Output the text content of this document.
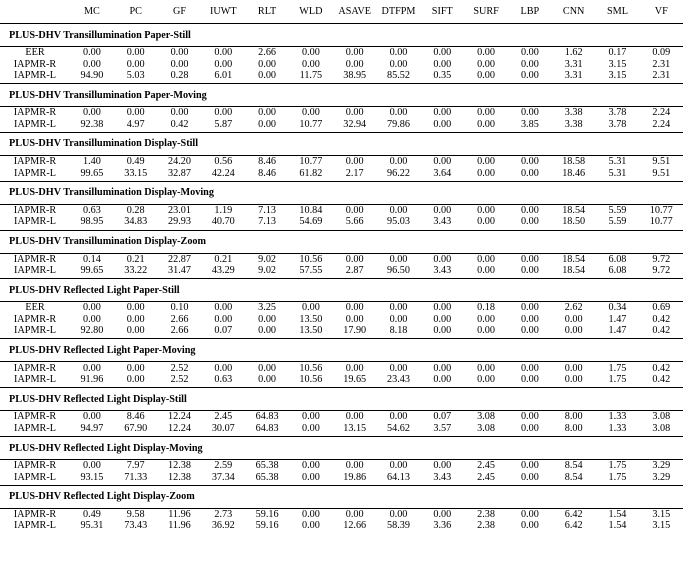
	MC	PC	GF	IUWT	RLT	WLD	ASAVE	DTFPM	SIFT	SURF	LBP	CNN	SML	VF
PLUS-DHV Transillumination Paper-Still														
EER	0.00	0.00	0.00	0.00	2.66	0.00	0.00	0.00	0.00	0.00	0.00	1.62	0.17	0.09
IAPMR-R	0.00	0.00	0.00	0.00	0.00	0.00	0.00	0.00	0.00	0.00	0.00	3.31	3.15	2.31
IAPMR-L	94.90	5.03	0.28	6.01	0.00	11.75	38.95	85.52	0.35	0.00	0.00	3.31	3.15	2.31
PLUS-DHV Transillumination Paper-Moving														
IAPMR-R	0.00	0.00	0.00	0.00	0.00	0.00	0.00	0.00	0.00	0.00	0.00	3.38	3.78	2.24
IAPMR-L	92.38	4.97	0.42	5.87	0.00	10.77	32.94	79.86	0.00	0.00	3.85	3.38	3.78	2.24
PLUS-DHV Transillumination Display-Still														
IAPMR-R	1.40	0.49	24.20	0.56	8.46	10.77	0.00	0.00	0.00	0.00	0.00	18.58	5.31	9.51
IAPMR-L	99.65	33.15	32.87	42.24	8.46	61.82	2.17	96.22	3.64	0.00	0.00	18.46	5.31	9.51
PLUS-DHV Transillumination Display-Moving														
IAPMR-R	0.63	0.28	23.01	1.19	7.13	10.84	0.00	0.00	0.00	0.00	0.00	18.54	5.59	10.77
IAPMR-L	98.95	34.83	29.93	40.70	7.13	54.69	5.66	95.03	3.43	0.00	0.00	18.50	5.59	10.77
PLUS-DHV Transillumination Display-Zoom														
IAPMR-R	0.14	0.21	22.87	0.21	9.02	10.56	0.00	0.00	0.00	0.00	0.00	18.54	6.08	9.72
IAPMR-L	99.65	33.22	31.47	43.29	9.02	57.55	2.87	96.50	3.43	0.00	0.00	18.54	6.08	9.72
PLUS-DHV Reflected Light Paper-Still														
EER	0.00	0.00	0.10	0.00	3.25	0.00	0.00	0.00	0.00	0.18	0.00	2.62	0.34	0.69
IAPMR-R	0.00	0.00	2.66	0.00	0.00	13.50	0.00	0.00	0.00	0.00	0.00	0.00	1.47	0.42
IAPMR-L	92.80	0.00	2.66	0.07	0.00	13.50	17.90	8.18	0.00	0.00	0.00	0.00	1.47	0.42
PLUS-DHV Reflected Light Paper-Moving														
IAPMR-R	0.00	0.00	2.52	0.00	0.00	10.56	0.00	0.00	0.00	0.00	0.00	0.00	1.75	0.42
IAPMR-L	91.96	0.00	2.52	0.63	0.00	10.56	19.65	23.43	0.00	0.00	0.00	0.00	1.75	0.42
PLUS-DHV Reflected Light Display-Still														
IAPMR-R	0.00	8.46	12.24	2.45	64.83	0.00	0.00	0.00	0.07	3.08	0.00	8.00	1.33	3.08
IAPMR-L	94.97	67.90	12.24	30.07	64.83	0.00	13.15	54.62	3.57	3.08	0.00	8.00	1.33	3.08
PLUS-DHV Reflected Light Display-Moving														
IAPMR-R	0.00	7.97	12.38	2.59	65.38	0.00	0.00	0.00	0.00	2.45	0.00	8.54	1.75	3.29
IAPMR-L	93.15	71.33	12.38	37.34	65.38	0.00	19.86	64.13	3.43	2.45	0.00	8.54	1.75	3.29
PLUS-DHV Reflected Light Display-Zoom														
IAPMR-R	0.49	9.58	11.96	2.73	59.16	0.00	0.00	0.00	0.00	2.38	0.00	6.42	1.54	3.15
IAPMR-L	95.31	73.43	11.96	36.92	59.16	0.00	12.66	58.39	3.36	2.38	0.00	6.42	1.54	3.15
